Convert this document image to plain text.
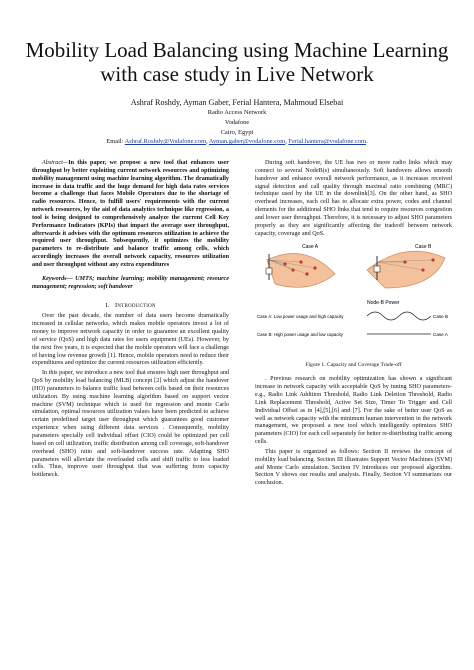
Mobility Load Balancing using Machine Learning
with case study in Live Network
Ashraf Roshdy, Ayman Gaber, Ferial Hantera, Mahmoud Elsebai
Radio Access Network
Vodafone
Cairo, Egypt
Email: Ashraf.Roshdy@Vodafone.com, Ayman.gaber@vodafone.com, Ferial.hantera@vodafone.com.

Abstract—In this paper, we propose a new tool that enhances user throughput by better exploiting current network resources and optimizing mobility management using machine learning algorithm. The dramatically increase in data traffic and the huge demand for high data rates services become a challenge that faces Mobile Operators due to the shortage of radio resources. Hence, to fulfill users' requirements with the current network resources, by the aid of data analytics technique like regression, a tool is being designed to comprehensively analyze the current Cell Key Performance Indicators (KPIs) that impact the average user throughput, afterwards it advises with the optimum resources utilization to achieve the required user throughput. Subsequently, it optimizes the mobility parameters to re-distribute and balance traffic among cells, which accordingly increases the overall network capacity, resources utilization and user throughput without any extra expenditures

Keywords— UMTS; machine learning; mobility management; resource management; regression; soft handover

I. Introduction

Over the past decade, the number of data users become dramatically increased in cellular networks, which makes mobile operators invest a lot of money to improve network capacity in order to guarantee an excellent quality of service (QoS) and high data rates for users equipment (UEs). However, by the next five years, it is expected that the mobile operators will face a challenge of having low revenue growth [1]. Hence, mobile operators need to reduce their expenditures and optimize the current resources utilization efficiently.

In this paper, we introduce a new tool that ensures high user throughput and QoS by mobility load balancing (MLB) concept [2] which adjust the handover (HO) parameters to balance traffic load between cells based on their resources utilization. By using machine learning algorithm based on support vector machine (SVM) technique which is used for regression and monte Carlo simulation, optimal resources utilization values have been predicted to achieve certain predefined target user throughput which guarantees good customer experience when using different data services . Consequently, mobility parameters specially cell individual offset (CIO) could be optimized per cell based on cell utilization, traffic distribution among cell coverage, soft-handover overhead (SHO) ratio and soft-handover success rate. Adapting SHO parameters will alleviate the overloaded cells and shift traffic to less loaded cells. Thus, improve user throughput that was suffering from capacity bottleneck.

During soft handover, the UE has two or more radio links which may connect to several NodeB(s) simultaneously. Soft handovers allows smooth handover and enhance overall network performance, as it increases received signal detection and call quality through maximal ratio combining (MRC) technique used by the UE in the downlink[3]. On the other hand, as SHO overhead increases, each cell has to allocate extra power, codes and channel elements for the additional SHO links that tend to require resources congestion and lower user throughput. Therefore, it is necessary to adjust SHO parameters properly as they are significantly affecting the tradeoff between network capacity, coverage and QoS.

Case A	Case B
Node-B Power
Case A: Low power usage and high capacity
Case B: High power usage and low capacity
Case B
Case A
Figure 1. Capacity and Coverage Trade-off

. Previous research on mobility optimization has shown a significant increase in network capacity with acceptable QoS by tuning SHO parameters-e.g., Radio Link Addition Threshold, Radio Link Deletion Threshold, Radio Link Replacement Threshold, Active Set Size, Timer To Trigger and Cell Individual Offset as in [4],[5],[6] and [7]. For the sake of better user QoS as well as network capacity with the minimum human intervention in the network management, we proposed a new tool which intelligently optimizes SHO parameters (CIO) for each cell separately for better re-distributing traffic among cells.

This paper is organized as follows: Section II reviews the concept of mobility load balancing. Section III illustrates Support Vector Machines (SVM) and Monte Carlo simulation. Section IV introduces our proposed algorithm. Section V shows our results and analysis. Finally, Section VI summarizes our conclusion.
